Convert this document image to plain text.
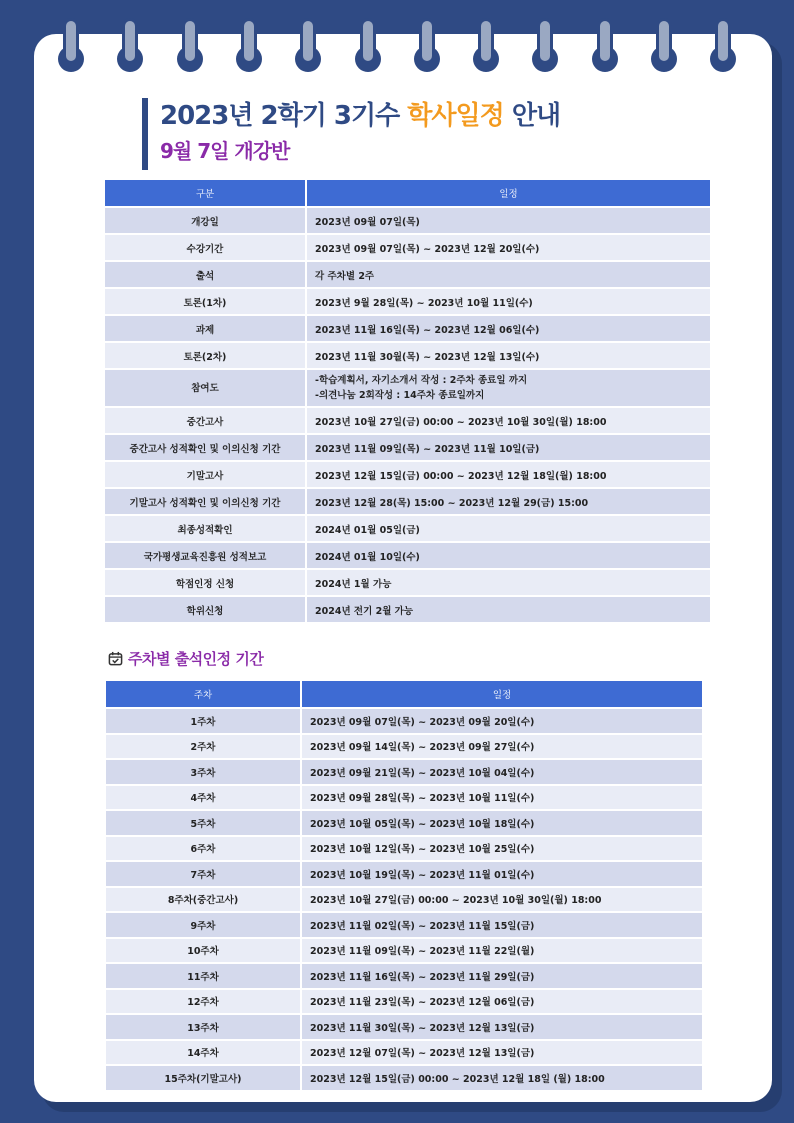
2023년 2학기 3기수 학사일정 안내
9월 7일 개강반
구분	일정
개강일	2023년 09월 07일(목)
수강기간	2023년 09월 07일(목) ~ 2023년 12월 20일(수)
출석	각 주차별 2주
토론(1차)	2023년 9월 28일(목) ~ 2023년 10월 11일(수)
과제	2023년 11월 16일(목) ~ 2023년 12월 06일(수)
토론(2차)	2023년 11월 30월(목) ~ 2023년 12월 13일(수)
참여도	-학습계획서, 자기소개서 작성 : 2주차 종료일 까지
-의견나눔 2회작성 : 14주차 종료일까지
중간고사	2023년 10월 27일(금) 00:00 ~ 2023년 10월 30일(월) 18:00
중간고사 성적확인 및 이의신청 기간	2023년 11월 09일(목) ~ 2023년 11월 10일(금)
기말고사	2023년 12월 15일(금) 00:00 ~ 2023년 12월 18일(월) 18:00
기말고사 성적확인 및 이의신청 기간	2023년 12월 28(목) 15:00 ~ 2023년 12월 29(금) 15:00
최종성적확인	2024년 01월 05일(금)
국가평생교육진흥원 성적보고	2024년 01월 10일(수)
학점인정 신청	2024년 1월 가능
학위신청	2024년 전기 2월 가능
주차별 출석인정 기간
주차	일정
1주차	2023년 09월 07일(목) ~ 2023년 09월 20일(수)
2주차	2023년 09월 14일(목) ~ 2023년 09월 27일(수)
3주차	2023년 09월 21일(목) ~ 2023년 10월 04일(수)
4주차	2023년 09월 28일(목) ~ 2023년 10월 11일(수)
5주차	2023년 10월 05일(목) ~ 2023년 10월 18일(수)
6주차	2023년 10월 12일(목) ~ 2023년 10월 25일(수)
7주차	2023년 10월 19일(목) ~ 2023년 11월 01일(수)
8주차(중간고사)	2023년 10월 27일(금) 00:00 ~ 2023년 10월 30일(월) 18:00
9주차	2023년 11월 02일(목) ~ 2023년 11월 15일(금)
10주차	2023년 11월 09일(목) ~ 2023년 11월 22일(월)
11주차	2023년 11월 16일(목) ~ 2023년 11월 29일(금)
12주차	2023년 11월 23일(목) ~ 2023년 12월 06일(금)
13주차	2023년 11월 30일(목) ~ 2023년 12월 13일(금)
14주차	2023년 12월 07일(목) ~ 2023년 12월 13일(금)
15주차(기말고사)	2023년 12월 15일(금) 00:00 ~ 2023년 12월 18일 (월) 18:00
